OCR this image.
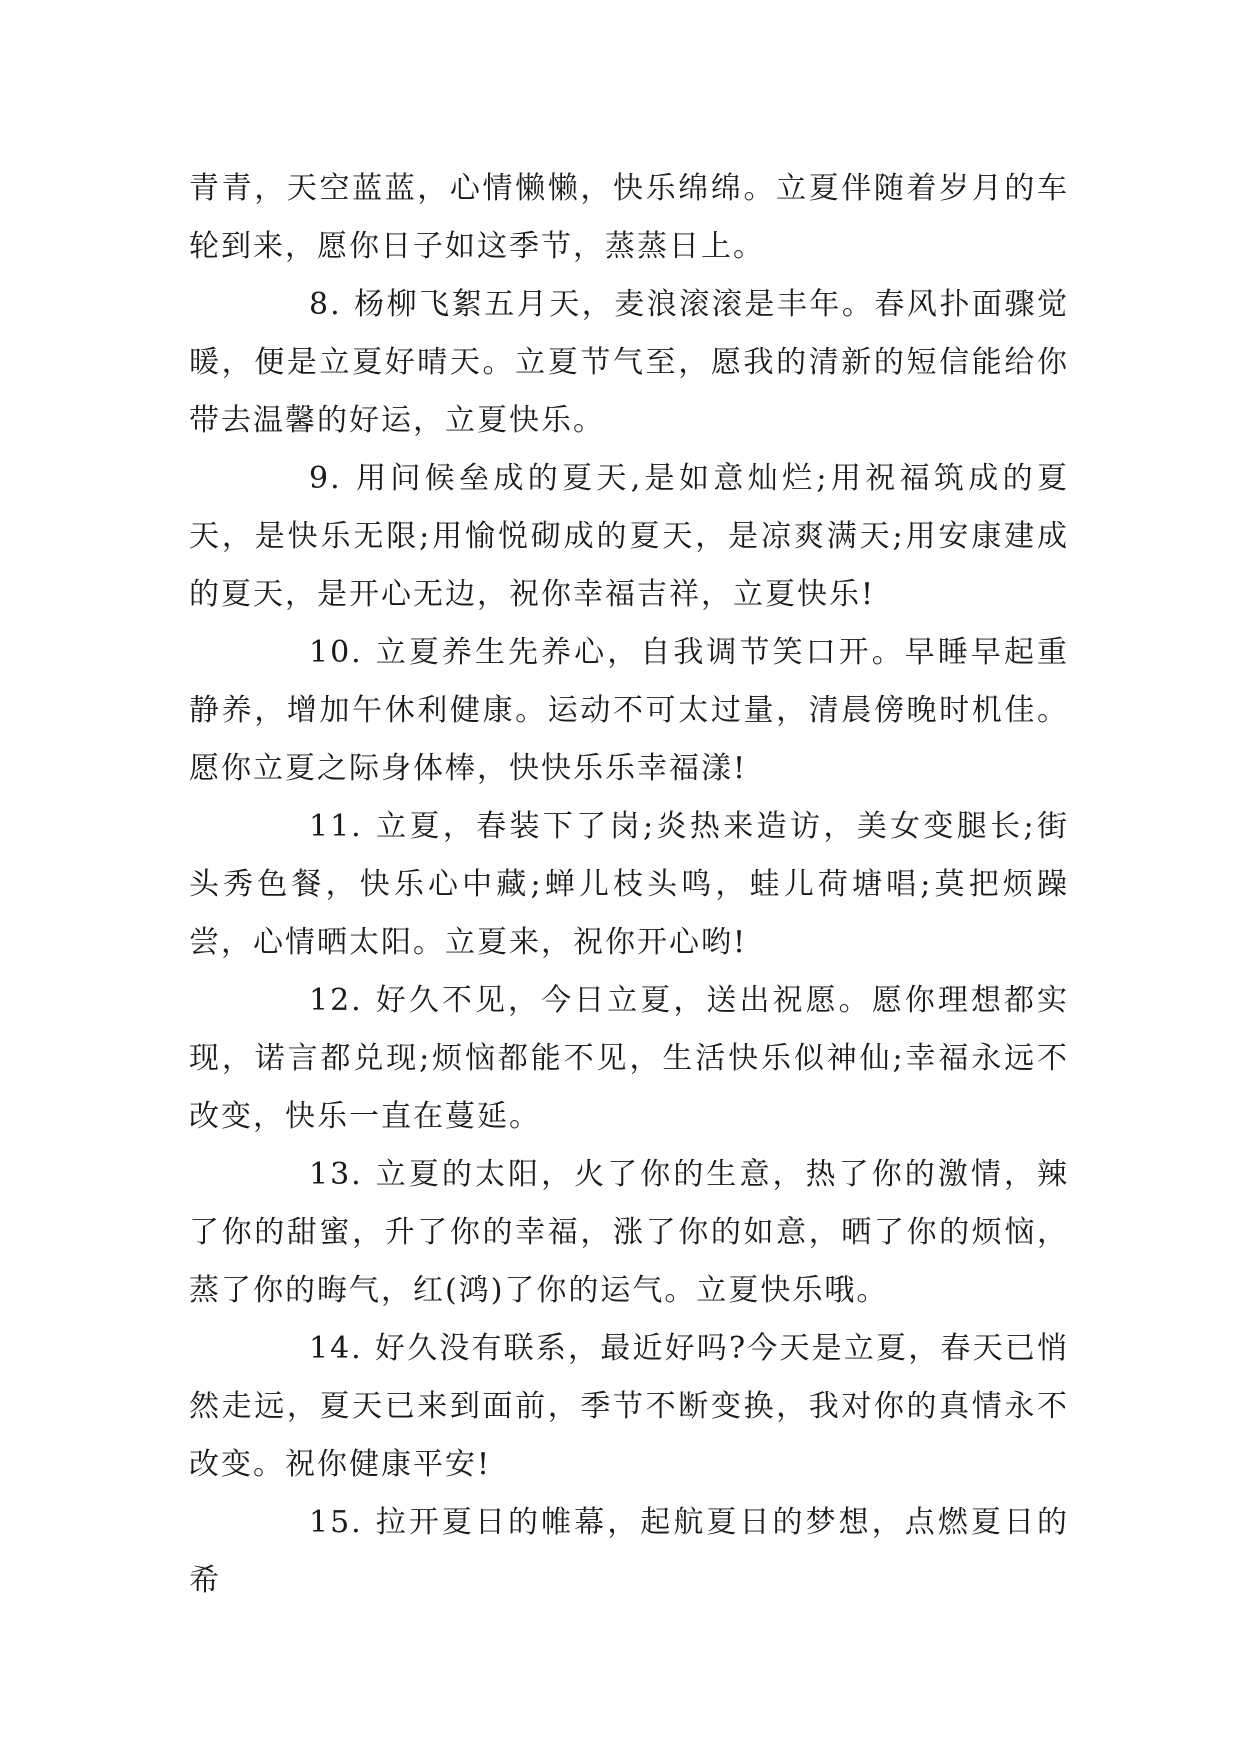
青青，天空蓝蓝，心情懒懒，快乐绵绵。立夏伴随着岁月的车轮到来，愿你日子如这季节，蒸蒸日上。

8. 杨柳飞絮五月天，麦浪滚滚是丰年。春风扑面骤觉暖，便是立夏好晴天。立夏节气至，愿我的清新的短信能给你带去温馨的好运，立夏快乐。

9. 用问候垒成的夏天,是如意灿烂;用祝福筑成的夏天，是快乐无限;用愉悦砌成的夏天，是凉爽满天;用安康建成的夏天，是开心无边，祝你幸福吉祥，立夏快乐!

10. 立夏养生先养心，自我调节笑口开。早睡早起重静养，增加午休利健康。运动不可太过量，清晨傍晚时机佳。愿你立夏之际身体棒，快快乐乐幸福漾!

11. 立夏，春装下了岗;炎热来造访，美女变腿长;街头秀色餐，快乐心中藏;蝉儿枝头鸣，蛙儿荷塘唱;莫把烦躁尝，心情晒太阳。立夏来，祝你开心哟!

12. 好久不见，今日立夏，送出祝愿。愿你理想都实现，诺言都兑现;烦恼都能不见，生活快乐似神仙;幸福永远不改变，快乐一直在蔓延。

13. 立夏的太阳，火了你的生意，热了你的激情，辣了你的甜蜜，升了你的幸福，涨了你的如意，晒了你的烦恼，蒸了你的晦气，红(鸿)了你的运气。立夏快乐哦。

14. 好久没有联系，最近好吗?今天是立夏，春天已悄然走远，夏天已来到面前，季节不断变换，我对你的真情永不改变。祝你健康平安!

15. 拉开夏日的帷幕，起航夏日的梦想，点燃夏日的希
